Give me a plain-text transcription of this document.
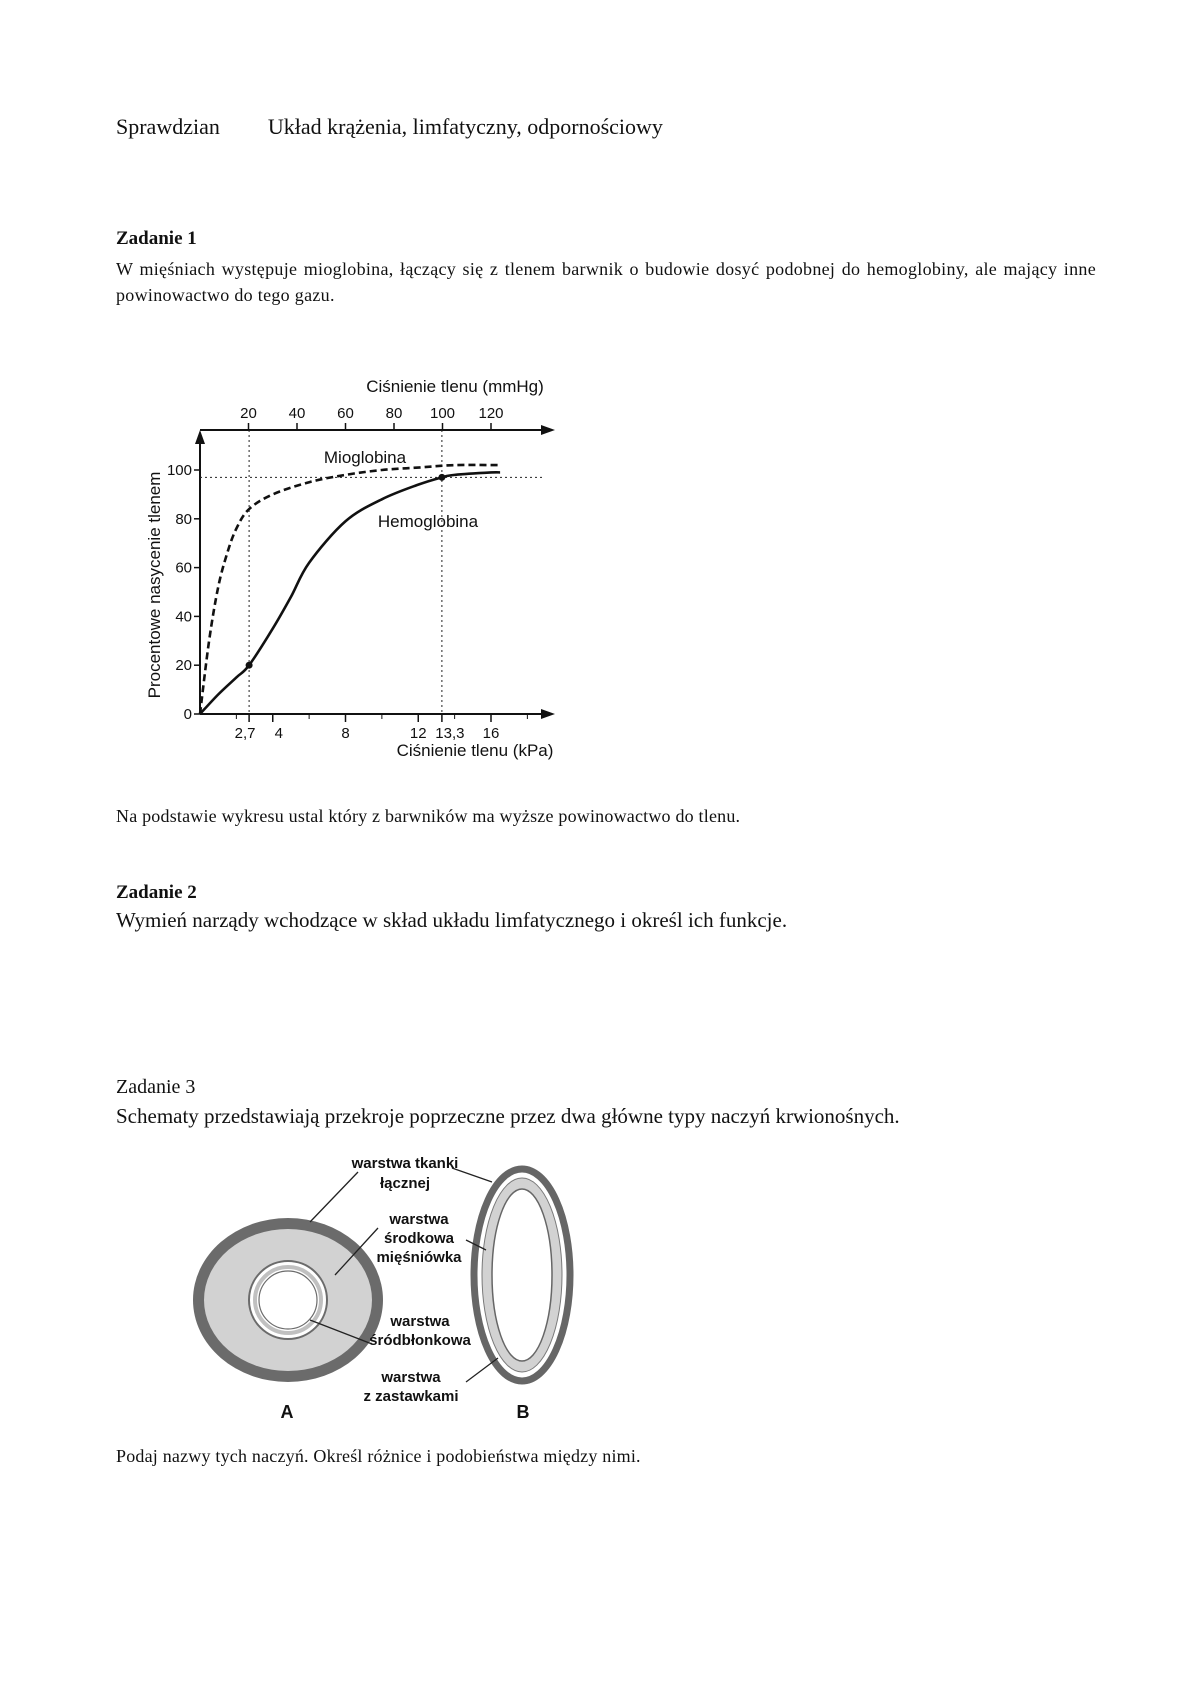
Sprawdzian Układ krążenia, limfatyczny, odpornościowy
Zadanie 1
W mięśniach występuje mioglobina, łączący się z tlenem barwnik o budowie dosyć podobnej do hemoglobiny, ale mający inne powinowactwo do tego gazu.
2,7 4	8	12 13,3 16
20 40 60 80 100 120
0
20
40
60
80
100
Ciśnienie tlenu (kPa)
Ciśnienie tlenu (mmHg)
Procentowe nasycenie tlenem
Mioglobina
Hemoglobina
Na podstawie wykresu ustal który z barwników ma wyższe powinowactwo do tlenu.
Zadanie 2
Wymień narządy wchodzące w skład układu limfatycznego i określ ich funkcje.
Zadanie 3
Schematy przedstawiają przekroje poprzeczne przez dwa główne typy naczyń krwionośnych.
warstwa tkanki
łącznej
warstwa
środkowa
mięśniówka
warstwa
śródbłonkowa
warstwa
z zastawkami
A	B
Podaj nazwy tych naczyń. Określ różnice i podobieństwa między nimi.
